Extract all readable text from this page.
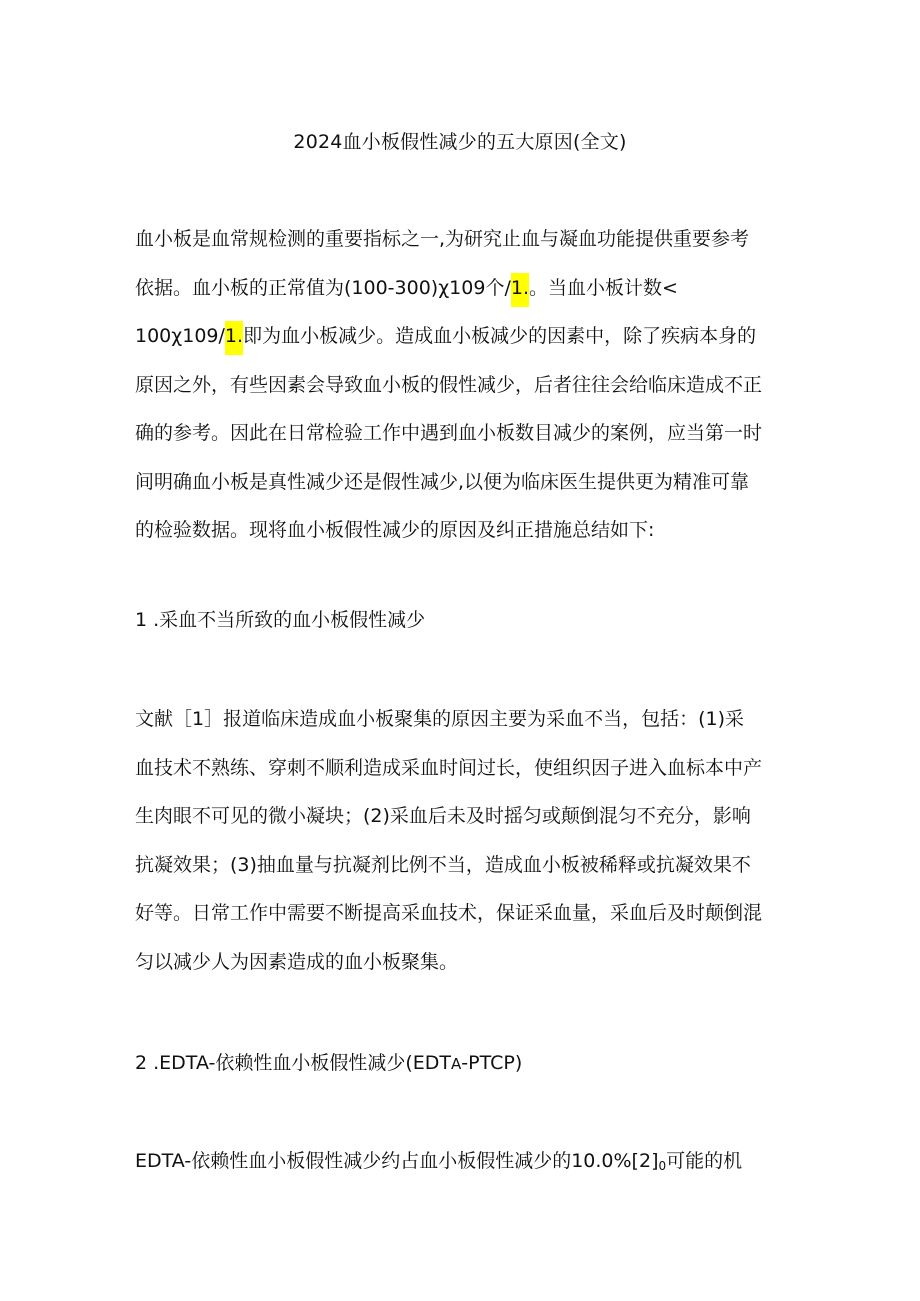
2024血小板假性减少的五大原因(全文)
血小板是血常规检测的重要指标之一,为研究止血与凝血功能提供重要参考
依据。血小板的正常值为(100-300)χ109个/1.。当血小板计数<
100χ109∕1.即为血小板减少。造成血小板减少的因素中，除了疾病本身的
原因之外，有些因素会导致血小板的假性减少，后者往往会给临床造成不正
确的参考。因此在日常检验工作中遇到血小板数目减少的案例，应当第一时
间明确血小板是真性减少还是假性减少,以便为临床医生提供更为精准可靠
的检验数据。现将血小板假性减少的原因及纠正措施总结如下:
1 .采血不当所致的血小板假性减少
文献［1］报道临床造成血小板聚集的原因主要为采血不当，包括：(1)采
血技术不熟练、穿刺不顺利造成采血时间过长，使组织因子进入血标本中产
生肉眼不可见的微小凝块；(2)采血后未及时摇匀或颠倒混匀不充分，影响
抗凝效果；(3)抽血量与抗凝剂比例不当，造成血小板被稀释或抗凝效果不
好等。日常工作中需要不断提高采血技术，保证采血量，采血后及时颠倒混
匀以减少人为因素造成的血小板聚集。
2 .EDTA-依赖性血小板假性减少(EDTA-PTCP)
EDTA-依赖性血小板假性减少约占血小板假性减少的$10.0\%[2]_0$可能的机
